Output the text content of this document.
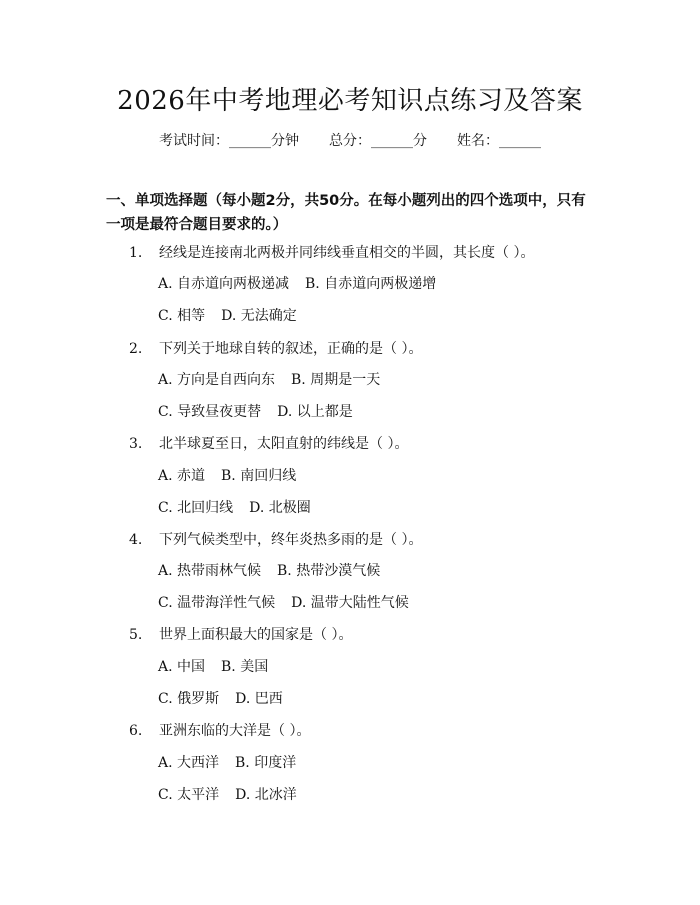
2026年中考地理必考知识点练习及答案
考试时间：______分钟 总分：______分 姓名：______
一、单项选择题（每小题2分，共50分。在每小题列出的四个选项中，只有一项是最符合题目要求的。）
1. 经线是连接南北两极并同纬线垂直相交的半圆，其长度（ ）。
A. 自赤道向两极递减 B. 自赤道向两极递增
C. 相等 D. 无法确定
2. 下列关于地球自转的叙述，正确的是（ ）。
A. 方向是自西向东 B. 周期是一天
C. 导致昼夜更替 D. 以上都是
3. 北半球夏至日，太阳直射的纬线是（ ）。
A. 赤道 B. 南回归线
C. 北回归线 D. 北极圈
4. 下列气候类型中，终年炎热多雨的是（ ）。
A. 热带雨林气候 B. 热带沙漠气候
C. 温带海洋性气候 D. 温带大陆性气候
5. 世界上面积最大的国家是（ ）。
A. 中国 B. 美国
C. 俄罗斯 D. 巴西
6. 亚洲东临的大洋是（ ）。
A. 大西洋 B. 印度洋
C. 太平洋 D. 北冰洋
